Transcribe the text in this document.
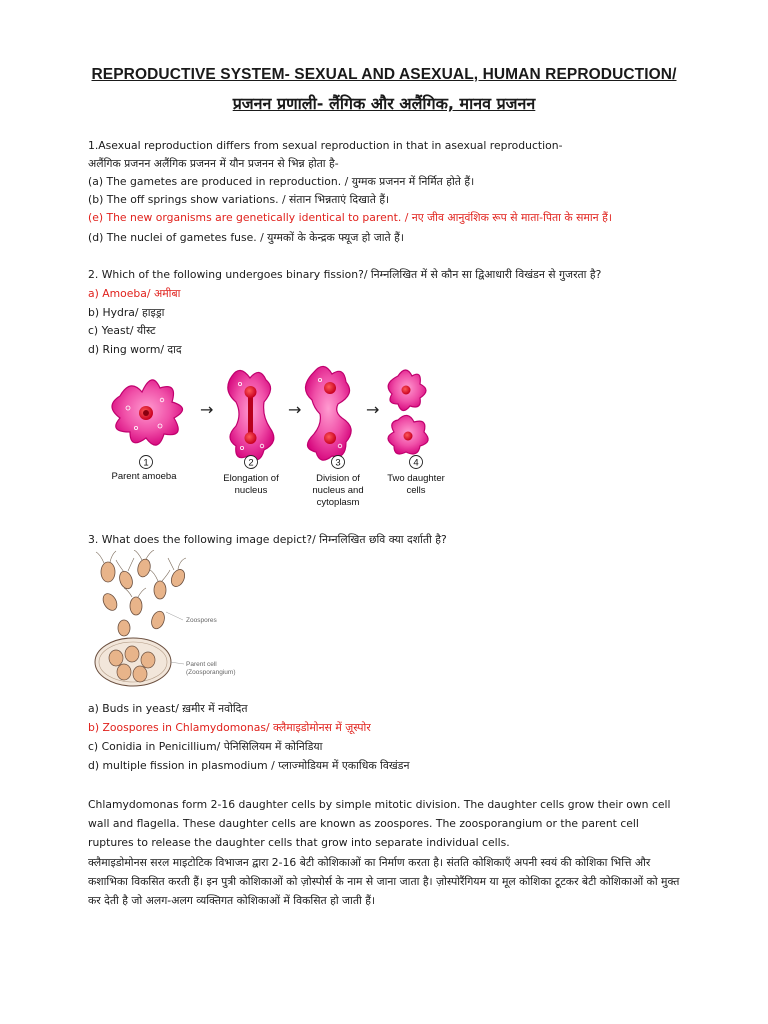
REPRODUCTIVE SYSTEM- SEXUAL AND ASEXUAL, HUMAN REPRODUCTION/
प्रजनन प्रणाली- लैंगिक और अलैंगिक, मानव प्रजनन
1.Asexual reproduction differs from sexual reproduction in that in asexual reproduction-
अलैंगिक प्रजनन अलैंगिक प्रजनन में यौन प्रजनन से भिन्न होता है-
(a) The gametes are produced in reproduction. / युग्मक प्रजनन में निर्मित होते हैं।
(b) The off springs show variations. / संतान भिन्नताएं दिखाते हैं।
(e) The new organisms are genetically identical to parent. / नए जीव आनुवंशिक रूप से माता-पिता के समान हैं।
(d) The nuclei of gametes fuse. / युग्मकों के केन्द्रक फ्यूज हो जाते हैं।
2. Which of the following undergoes binary fission?/ निम्नलिखित में से कौन सा द्विआधारी विखंडन से गुजरता है?
a) Amoeba/ अमीबा
b) Hydra/ हाइड्रा
c) Yeast/ यीस्ट
d) Ring worm/ दाद
→	→	→
1	2	3	4
Parent amoeba	Elongation of
nucleus
Division of
nucleus and
cytoplasm
Two daughter
cells
3. What does the following image depict?/ निम्नलिखित छवि क्या दर्शाती है?
Zoospores
Parent cell
(Zoosporangium)
a) Buds in yeast/ ख़मीर में नवोदित
b) Zoospores in Chlamydomonas/ क्लैमाइडोमोनस में ज़ूस्पोर
c) Conidia in Penicillium/ पेनिसिलियम में कोनिडिया
d) multiple fission in plasmodium / प्लाज्मोडियम में एकाधिक विखंडन
Chlamydomonas form 2-16 daughter cells by simple mitotic division. The daughter cells grow their own cell wall and flagella. These daughter cells are known as zoospores. The zoosporangium or the parent cell ruptures to release the daughter cells that grow into separate individual cells.
क्लैमाइडोमोनस सरल माइटोटिक विभाजन द्वारा 2-16 बेटी कोशिकाओं का निर्माण करता है। संतति कोशिकाएँ अपनी स्वयं की कोशिका भित्ति और कशाभिका विकसित करती हैं। इन पुत्री कोशिकाओं को ज़ोस्पोर्स के नाम से जाना जाता है। ज़ोस्पोरैंगियम या मूल कोशिका टूटकर बेटी कोशिकाओं को मुक्त कर देती है जो अलग-अलग व्यक्तिगत कोशिकाओं में विकसित हो जाती हैं।
